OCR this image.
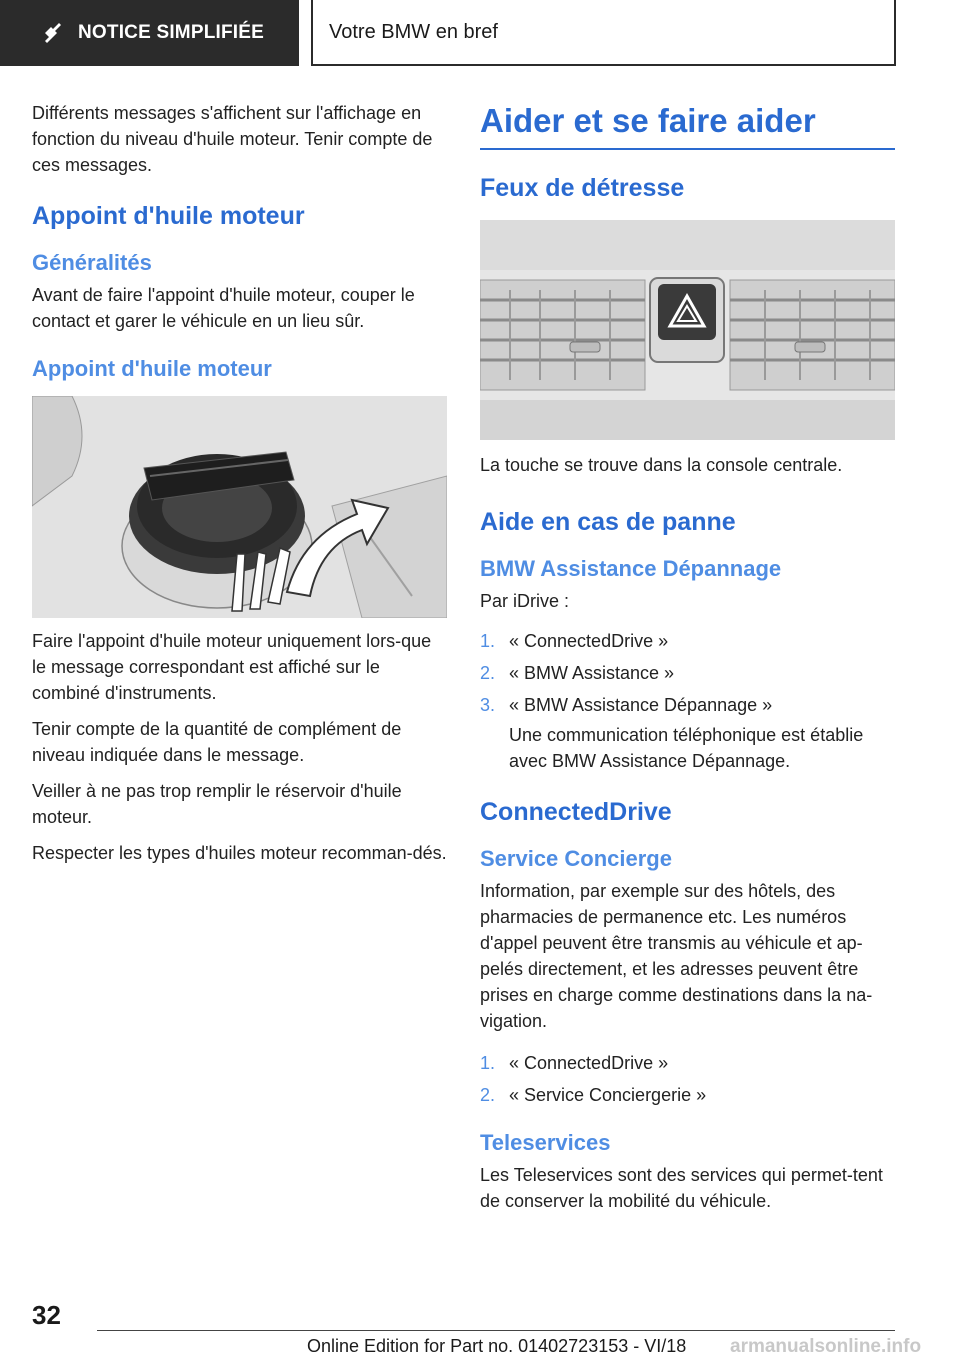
NOTICE SIMPLIFIÉE	Votre BMW en bref

Différents messages s'affichent sur l'affichage en fonction du niveau d'huile moteur. Tenir compte de ces messages.

Appoint d'huile moteur
Généralités

Avant de faire l'appoint d'huile moteur, couper le contact et garer le véhicule en un lieu sûr.

Appoint d'huile moteur

Faire l'appoint d'huile moteur uniquement lors-que le message correspondant est affiché sur le combiné d'instruments.

Tenir compte de la quantité de complément de niveau indiquée dans le message.

Veiller à ne pas trop remplir le réservoir d'huile moteur.

Respecter les types d'huiles moteur recomman-dés.

Aider et se faire aider
Feux de détresse

La touche se trouve dans la console centrale.

Aide en cas de panne
BMW Assistance Dépannage

Par iDrive :

1. « ConnectedDrive »
2. « BMW Assistance »
3. « BMW Assistance Dépannage »
Une communication téléphonique est établie avec BMW Assistance Dépannage.
ConnectedDrive
Service Concierge

Information, par exemple sur des hôtels, des pharmacies de permanence etc. Les numéros d'appel peuvent être transmis au véhicule et ap-pelés directement, et les adresses peuvent être prises en charge comme destinations dans la na-vigation.

1. « ConnectedDrive »
2. « Service Conciergerie »
Teleservices

Les Teleservices sont des services qui permet-tent de conserver la mobilité du véhicule.

32
Online Edition for Part no. 01402723153 - VI/18 armanualsonline.info
